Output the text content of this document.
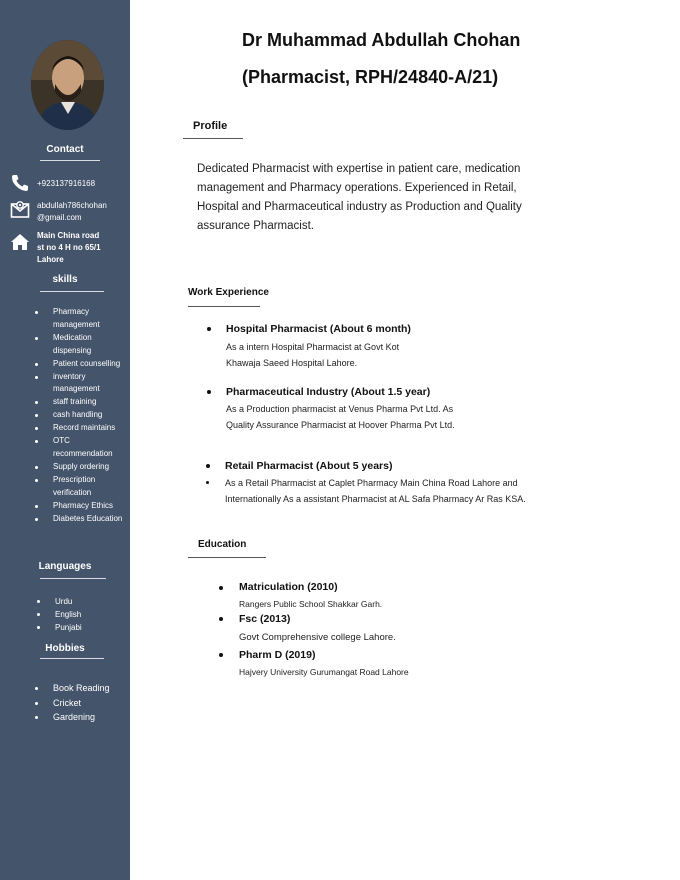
Contact
+923137916168
abdullah786chohan
@gmail.com
Main China road
st no 4 H no 65/1
Lahore
skills
Pharmacy management
Medication dispensing
Patient counselling
inventory management
staff training
cash handling
Record maintains
OTC recommendation
Supply ordering
Prescription verification
Pharmacy Ethics
Diabetes Education
Languages
Urdu
English
Punjabi
Hobbies
Book Reading
Cricket
Gardening
Dr Muhammad Abdullah Chohan
(Pharmacist, RPH/24840-A/21)
Profile

Dedicated Pharmacist with expertise in patient care, medication management and Pharmacy operations. Experienced in Retail, Hospital and Pharmaceutical industry as Production and Quality assurance Pharmacist.

Work Experience
Hospital Pharmacist (About 6 month)
As a intern Hospital Pharmacist at Govt Kot Khawaja Saeed Hospital Lahore.
Pharmaceutical Industry (About 1.5 year)
As a Production pharmacist at Venus Pharma Pvt Ltd. As Quality Assurance Pharmacist at Hoover Pharma Pvt Ltd.
Retail Pharmacist (About 5 years)
As a Retail Pharmacist at Caplet Pharmacy Main China Road Lahore and Internationally As a assistant Pharmacist at AL Safa Pharmacy Ar Ras KSA.
Education
Matriculation (2010)
Rangers Public School Shakkar Garh.
Fsc (2013)
Govt Comprehensive college Lahore.
Pharm D (2019)
Hajvery University Gurumangat Road Lahore
